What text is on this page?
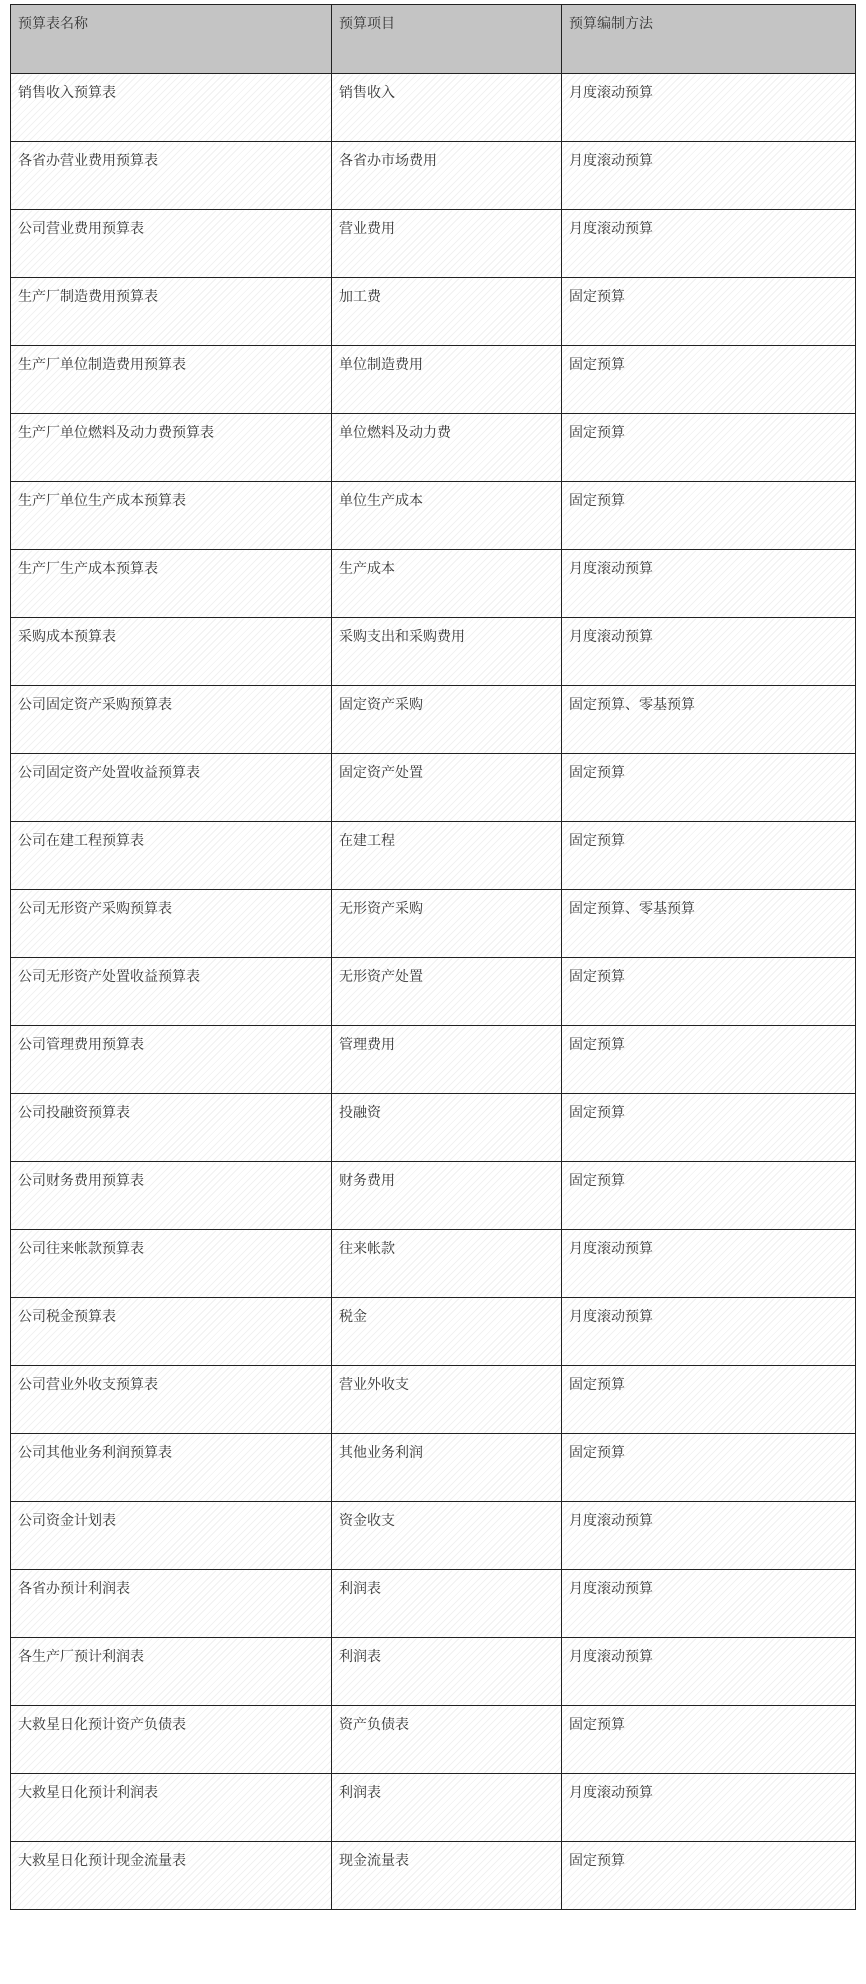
预算表名称	预算项目	预算编制方法
销售收入预算表	销售收入	月度滚动预算
各省办营业费用预算表	各省办市场费用	月度滚动预算
公司营业费用预算表	营业费用	月度滚动预算
生产厂制造费用预算表	加工费	固定预算
生产厂单位制造费用预算表	单位制造费用	固定预算
生产厂单位燃料及动力费预算表	单位燃料及动力费	固定预算
生产厂单位生产成本预算表	单位生产成本	固定预算
生产厂生产成本预算表	生产成本	月度滚动预算
采购成本预算表	采购支出和采购费用	月度滚动预算
公司固定资产采购预算表	固定资产采购	固定预算、零基预算
公司固定资产处置收益预算表	固定资产处置	固定预算
公司在建工程预算表	在建工程	固定预算
公司无形资产采购预算表	无形资产采购	固定预算、零基预算
公司无形资产处置收益预算表	无形资产处置	固定预算
公司管理费用预算表	管理费用	固定预算
公司投融资预算表	投融资	固定预算
公司财务费用预算表	财务费用	固定预算
公司往来帐款预算表	往来帐款	月度滚动预算
公司税金预算表	税金	月度滚动预算
公司营业外收支预算表	营业外收支	固定预算
公司其他业务利润预算表	其他业务利润	固定预算
公司资金计划表	资金收支	月度滚动预算
各省办预计利润表	利润表	月度滚动预算
各生产厂预计利润表	利润表	月度滚动预算
大救星日化预计资产负债表	资产负债表	固定预算
大救星日化预计利润表	利润表	月度滚动预算
大救星日化预计现金流量表	现金流量表	固定预算
